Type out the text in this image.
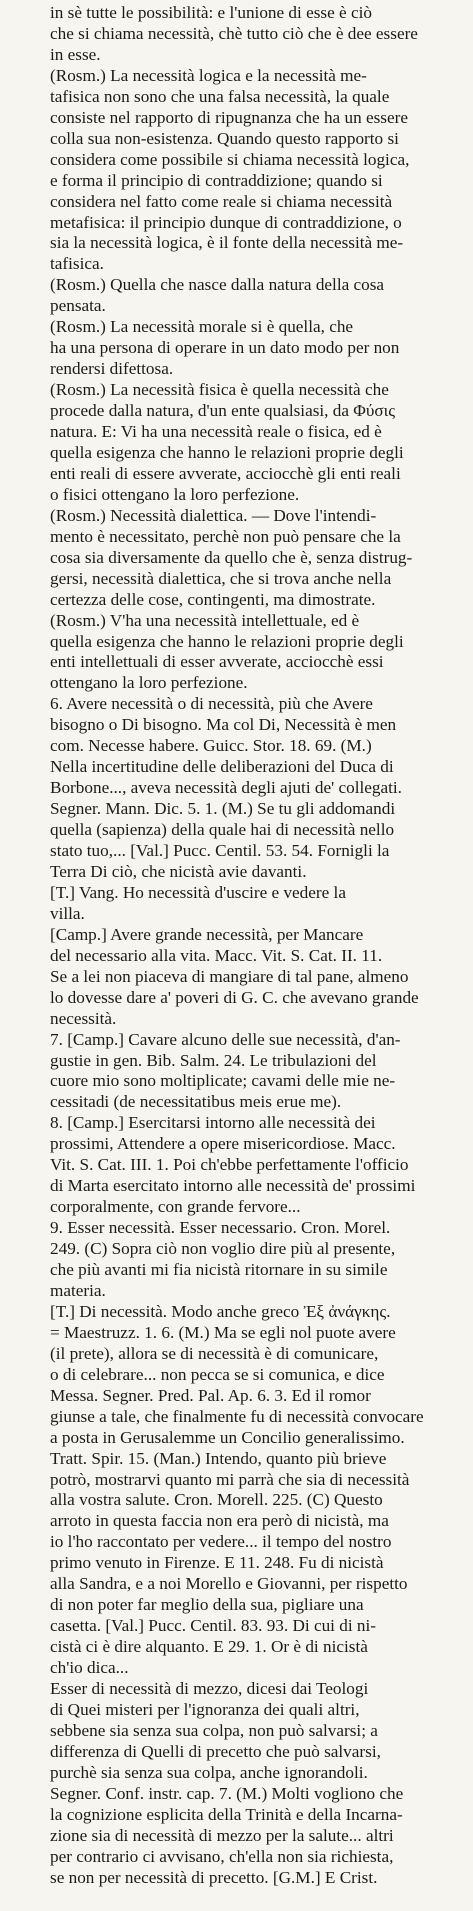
in sè tutte le possibilità: e l'unione di esse è ciò
che si chiama necessità, chè tutto ciò che è dee essere
in esse.
(Rosm.) La necessità logica e la necessità me-
tafisica non sono che una falsa necessità, la quale
consiste nel rapporto di ripugnanza che ha un essere
colla sua non-esistenza. Quando questo rapporto si
considera come possibile si chiama necessità logica,
e forma il principio di contraddizione; quando si
considera nel fatto come reale si chiama necessità
metafisica: il principio dunque di contraddizione, o
sia la necessità logica, è il fonte della necessità me-
tafisica.
(Rosm.) Quella che nasce dalla natura della cosa
pensata.
(Rosm.) La necessità morale si è quella, che
ha una persona di operare in un dato modo per non
rendersi difettosa.
(Rosm.) La necessità fisica è quella necessità che
procede dalla natura, d'un ente qualsiasi, da Φύσις
natura. E: Vi ha una necessità reale o fisica, ed è
quella esigenza che hanno le relazioni proprie degli
enti reali di essere avverate, acciocchè gli enti reali
o fisici ottengano la loro perfezione.
(Rosm.) Necessità dialettica. — Dove l'intendi-
mento è necessitato, perchè non può pensare che la
cosa sia diversamente da quello che è, senza distrug-
gersi, necessità dialettica, che si trova anche nella
certezza delle cose, contingenti, ma dimostrate.
(Rosm.) V'ha una necessità intellettuale, ed è
quella esigenza che hanno le relazioni proprie degli
enti intellettuali di esser avverate, acciocchè essi
ottengano la loro perfezione.
6. Avere necessità o di necessità, più che Avere
bisogno o Di bisogno. Ma col Di, Necessità è men
com. Necesse habere. Guicc. Stor. 18. 69. (M.)
Nella incertitudine delle deliberazioni del Duca di
Borbone..., aveva necessità degli ajuti de' collegati.
Segner. Mann. Dic. 5. 1. (M.) Se tu gli addomandi
quella (sapienza) della quale hai di necessità nello
stato tuo,... [Val.] Pucc. Centil. 53. 54. Fornigli la
Terra Di ciò, che nicistà avie davanti.
[T.] Vang. Ho necessità d'uscire e vedere la
villa.
[Camp.] Avere grande necessità, per Mancare
del necessario alla vita. Macc. Vit. S. Cat. II. 11.
Se a lei non piaceva di mangiare di tal pane, almeno
lo dovesse dare a' poveri di G. C. che avevano grande
necessità.
7. [Camp.] Cavare alcuno delle sue necessità, d'an-
gustie in gen. Bib. Salm. 24. Le tribulazioni del
cuore mio sono moltiplicate; cavami delle mie ne-
cessitadi (de necessitatibus meis erue me).
8. [Camp.] Esercitarsi intorno alle necessità dei
prossimi, Attendere a opere misericordiose. Macc.
Vit. S. Cat. III. 1. Poi ch'ebbe perfettamente l'officio
di Marta esercitato intorno alle necessità de' prossimi
corporalmente, con grande fervore...
9. Esser necessità. Esser necessario. Cron. Morel.
249. (C) Sopra ciò non voglio dire più al presente,
che più avanti mi fia nicistà ritornare in su simile
materia.
[T.] Di necessità. Modo anche greco Ἐξ ἀνάγκης.
= Maestruzz. 1. 6. (M.) Ma se egli nol puote avere
(il prete), allora se di necessità è di comunicare,
o di celebrare... non pecca se si comunica, e dice
Messa. Segner. Pred. Pal. Ap. 6. 3. Ed il romor
giunse a tale, che finalmente fu di necessità convocare
a posta in Gerusalemme un Concilio generalissimo.
Tratt. Spir. 15. (Man.) Intendo, quanto più brieve
potrò, mostrarvi quanto mi parrà che sia di necessità
alla vostra salute. Cron. Morell. 225. (C) Questo
arroto in questa faccia non era però di nicistà, ma
io l'ho raccontato per vedere... il tempo del nostro
primo venuto in Firenze. E 11. 248. Fu di nicistà
alla Sandra, e a noi Morello e Giovanni, per rispetto
di non poter far meglio della sua, pigliare una
casetta. [Val.] Pucc. Centil. 83. 93. Di cui di ni-
cistà ci è dire alquanto. E 29. 1. Or è di nicistà
ch'io dica...
Esser di necessità di mezzo, dicesi dai Teologi
di Quei misteri per l'ignoranza dei quali altri,
sebbene sia senza sua colpa, non può salvarsi; a
differenza di Quelli di precetto che può salvarsi,
purchè sia senza sua colpa, anche ignorandoli.
Segner. Conf. instr. cap. 7. (M.) Molti vogliono che
la cognizione esplicita della Trinità e della Incarna-
zione sia di necessità di mezzo per la salute... altri
per contrario ci avvisano, ch'ella non sia richiesta,
se non per necessità di precetto. [G.M.] E Crist.
